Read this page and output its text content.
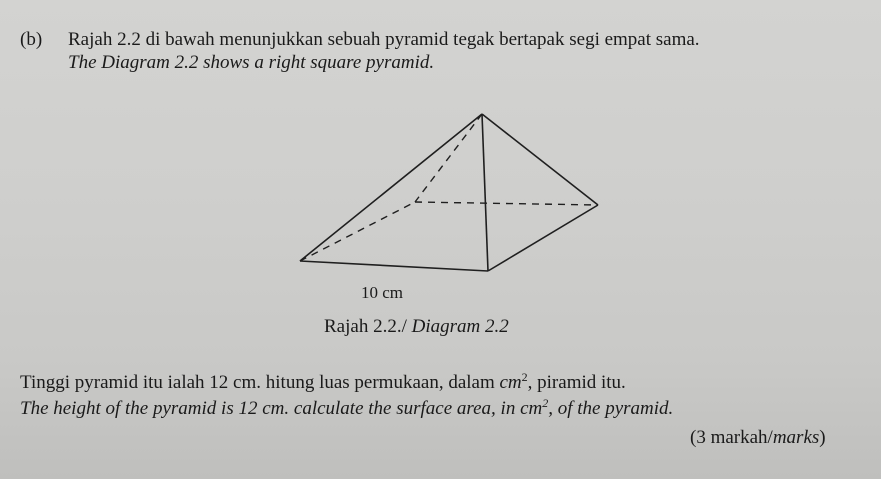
(b) Rajah 2.2 di bawah menunjukkan sebuah pyramid tegak bertapak segi empat sama.
The Diagram 2.2 shows a right square pyramid.
10 cm
Rajah 2.2./ Diagram 2.2
Tinggi pyramid itu ialah 12 cm. hitung luas permukaan, dalam $cm^2$, piramid itu.
The height of the pyramid is 12 cm. calculate the surface area, in $cm^2$, of the pyramid.
(3 markah/marks)
